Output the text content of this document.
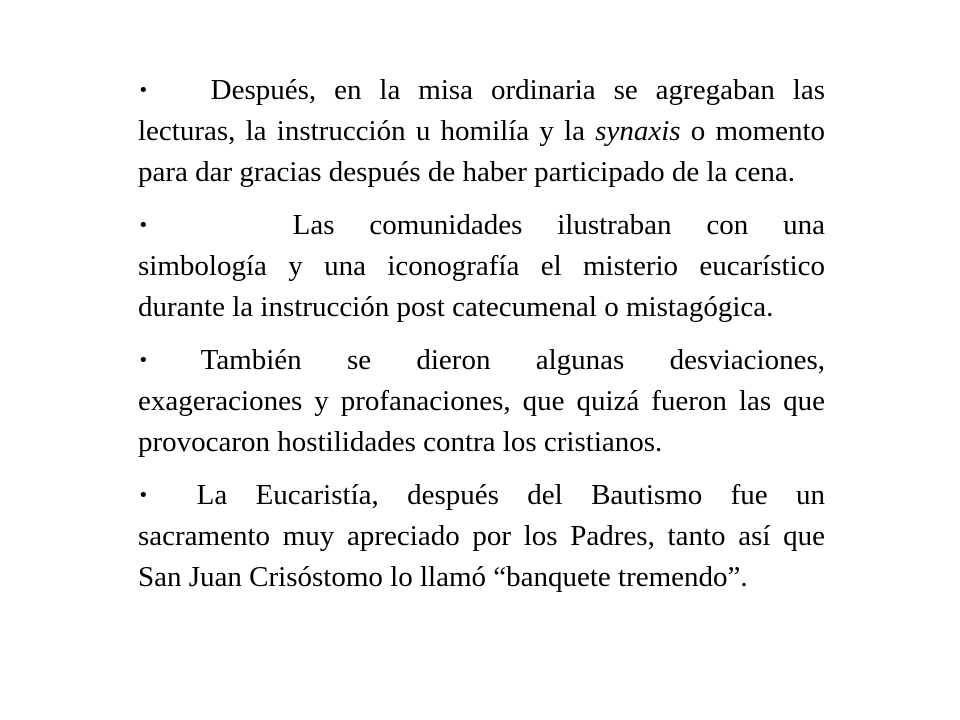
• Después, en la misa ordinaria se agregaban las lecturas, la instrucción u homilía y la synaxis o momento para dar gracias después de haber participado de la cena.

•	Las comunidades ilustraban con una simbología y una iconografía el misterio eucarístico durante la instrucción post catecumenal o mistagógica.

• También se dieron algunas desviaciones, exageraciones y profanaciones, que quizá fueron las que provocaron hostilidades contra los cristianos.

• La Eucaristía, después del Bautismo fue un sacramento muy apreciado por los Padres, tanto así que San Juan Crisóstomo lo llamó “banquete tremendo”.
